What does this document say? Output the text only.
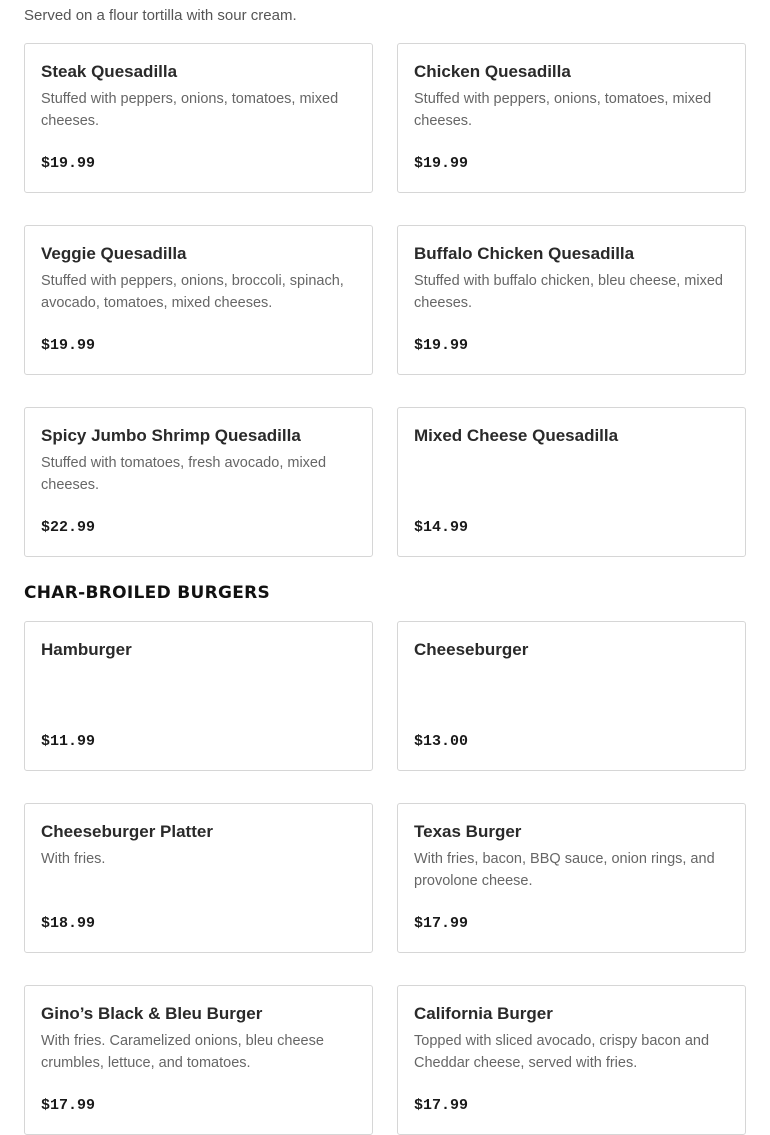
Served on a flour tortilla with sour cream.

Steak Quesadilla
Stuffed with peppers, onions, tomatoes, mixed cheeses.
$19.99
Chicken Quesadilla
Stuffed with peppers, onions, tomatoes, mixed cheeses.
$19.99
Veggie Quesadilla
Stuffed with peppers, onions, broccoli, spinach, avocado, tomatoes, mixed cheeses.
$19.99
Buffalo Chicken Quesadilla
Stuffed with buffalo chicken, bleu cheese, mixed cheeses.
$19.99
Spicy Jumbo Shrimp Quesadilla
Stuffed with tomatoes, fresh avocado, mixed cheeses.
$22.99
Mixed Cheese Quesadilla
$14.99
CHAR-BROILED BURGERS
Hamburger
$11.99
Cheeseburger
$13.00
Cheeseburger Platter
With fries.
$18.99
Texas Burger
With fries, bacon, BBQ sauce, onion rings, and provolone cheese.
$17.99
Gino’s Black & Bleu Burger
With fries. Caramelized onions, bleu cheese crumbles, lettuce, and tomatoes.
$17.99
California Burger
Topped with sliced avocado, crispy bacon and Cheddar cheese, served with fries.
$17.99
